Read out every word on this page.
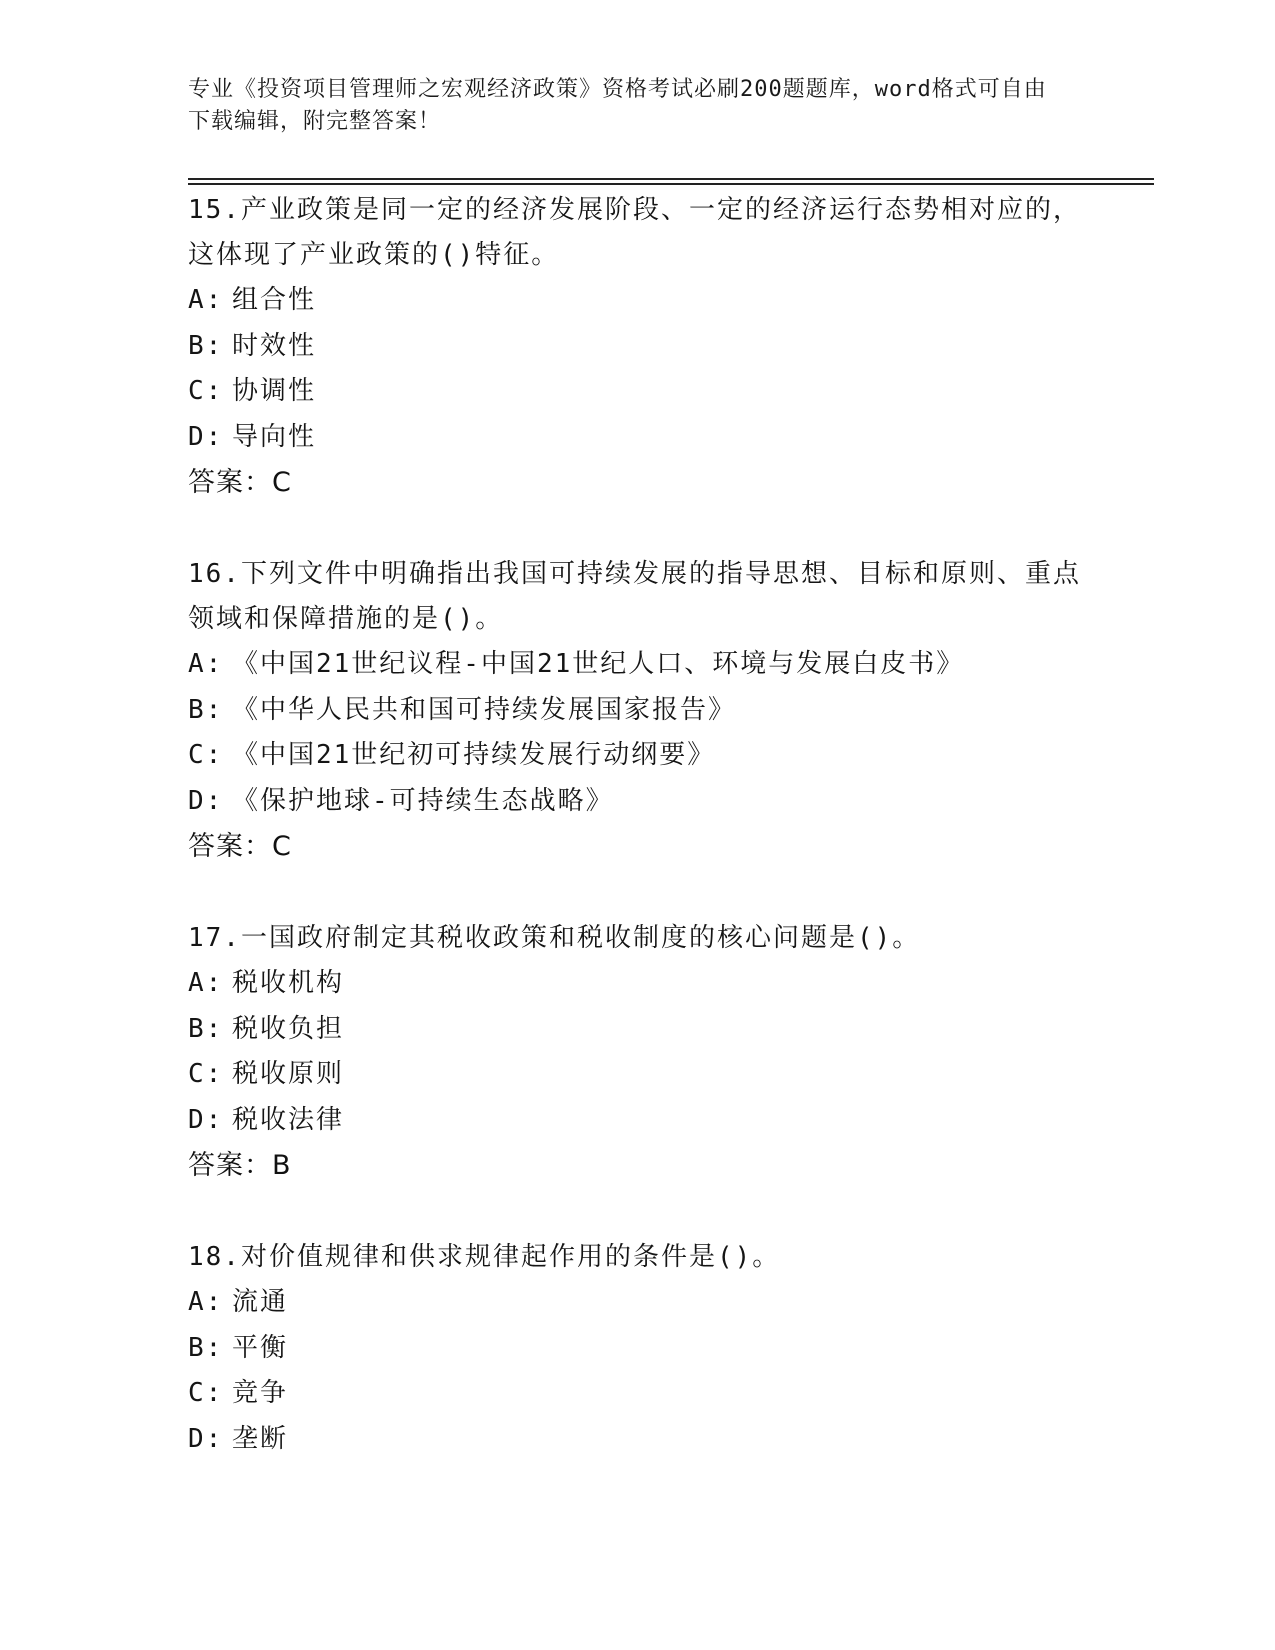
专业《投资项目管理师之宏观经济政策》资格考试必刷200题题库，word格式可自由下载编辑，附完整答案！
15.产业政策是同一定的经济发展阶段、一定的经济运行态势相对应的，这体现了产业政策的()特征。
A: 组合性
B: 时效性
C: 协调性
D: 导向性
答案：C
16.下列文件中明确指出我国可持续发展的指导思想、目标和原则、重点领域和保障措施的是()。
A: 《中国21世纪议程-中国21世纪人口、环境与发展白皮书》
B: 《中华人民共和国可持续发展国家报告》
C: 《中国21世纪初可持续发展行动纲要》
D: 《保护地球-可持续生态战略》
答案：C
17.一国政府制定其税收政策和税收制度的核心问题是()。
A: 税收机构
B: 税收负担
C: 税收原则
D: 税收法律
答案：B
18.对价值规律和供求规律起作用的条件是()。
A: 流通
B: 平衡
C: 竞争
D: 垄断
